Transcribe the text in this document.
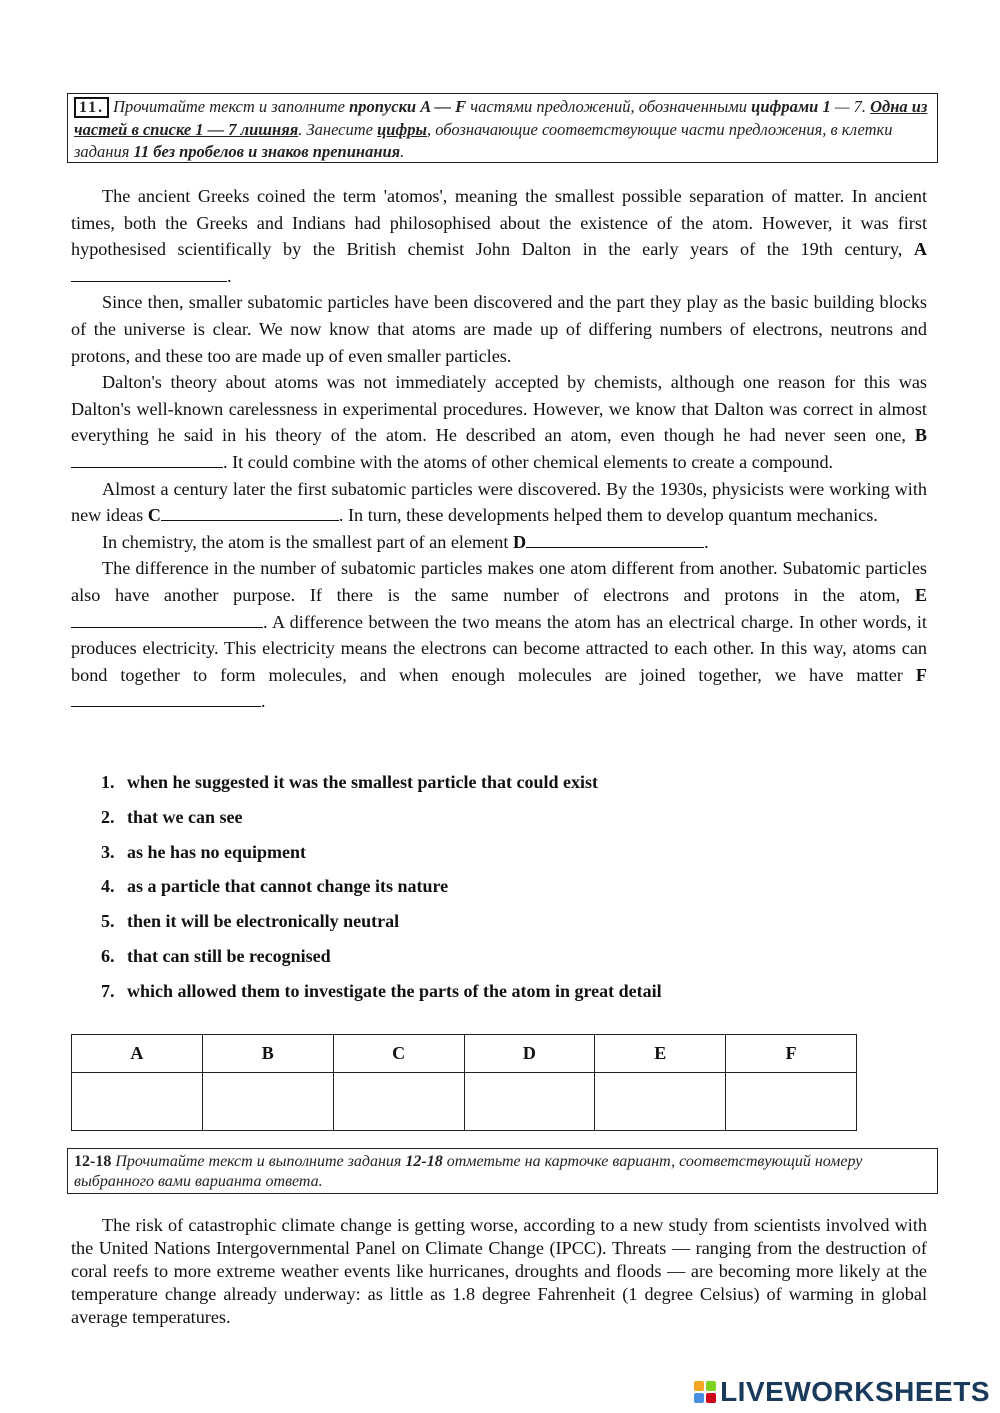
11. Прочитайте текст и заполните пропуски A — F частями предложений, обозначенными цифрами 1 — 7. Одна из частей в списке 1 — 7 лишняя. Занесите цифры, обозначающие соответствующие части предложения, в клетки задания 11 без пробелов и знаков препинания.

The ancient Greeks coined the term 'atomos', meaning the smallest possible separation of matter. In ancient times, both the Greeks and Indians had philosophised about the existence of the atom. However, it was first hypothesised scientifically by the British chemist John Dalton in the early years of the 19th century, A.

Since then, smaller subatomic particles have been discovered and the part they play as the basic building blocks of the universe is clear. We now know that atoms are made up of differing numbers of electrons, neutrons and protons, and these too are made up of even smaller particles.

Dalton's theory about atoms was not immediately accepted by chemists, although one reason for this was Dalton's well-known carelessness in experimental procedures. However, we know that Dalton was correct in almost everything he said in his theory of the atom. He described an atom, even though he had never seen one, B. It could combine with the atoms of other chemical elements to create a compound.

Almost a century later the first subatomic particles were discovered. By the 1930s, physicists were working with new ideas C	. In turn, these developments helped them to develop quantum mechanics.

In chemistry, the atom is the smallest part of an element D	.

The difference in the number of subatomic particles makes one atom different from another. Subatomic particles also have another purpose. If there is the same number of electrons and protons in the atom, E. A difference between the two means the atom has an electrical charge. In other words, it produces electricity. This electricity means the electrons can become attracted to each other. In this way, atoms can bond together to form molecules, and when enough molecules are joined together, we have matter F.

1. when he suggested it was the smallest particle that could exist
2. that we can see
3. as he has no equipment
4. as a particle that cannot change its nature
5. then it will be electronically neutral
6. that can still be recognised
7. which allowed them to investigate the parts of the atom in great detail
A	B	C	D	E	F

12-18 Прочитайте текст и выполните задания 12-18 отметьте на карточке вариант, соответствующий номеру выбранного вами варианта ответа.

The risk of catastrophic climate change is getting worse, according to a new study from scientists involved with the United Nations Intergovernmental Panel on Climate Change (IPCC). Threats — ranging from the destruction of coral reefs to more extreme weather events like hurricanes, droughts and floods — are becoming more likely at the temperature change already underway: as little as 1.8 degree Fahrenheit (1 degree Celsius) of warming in global average temperatures.

LIVEWORKSHEETS
